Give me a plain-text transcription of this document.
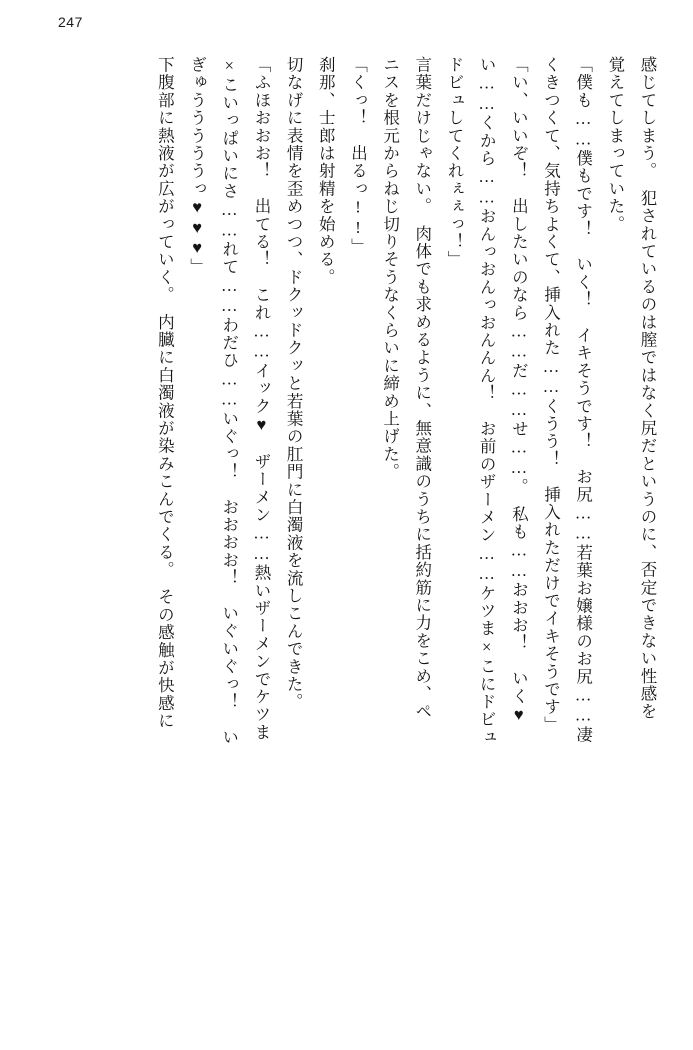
247

感じてしまう。　犯されているのは膣ではなく尻だというのに、否定できない性感を

覚えてしまっていた。

「僕も……僕もです！　いく！　イキそうです！　お尻……若葉お嬢様のお尻……凄

くきつくて、気持ちよくて、挿入れた……くうう！　挿入れただけでイキそうです」

「い、いいぞ！　出したいのなら……だ……せ……。　私も……おおお！　いく♥

い……くから……おんっおんっおんんん！　お前のザーメン……ケツま×こにドビュ

ドビュしてくれぇぇっ！」

言葉だけじゃない。　肉体でも求めるように、無意識のうちに括約筋に力をこめ、ペ

ニスを根元からねじ切りそうなくらいに締め上げた。

「くっ！　出るっ!!」

刹那、士郎は射精を始める。

切なげに表情を歪めつつ、ドクッドクッと若葉の肛門に白濁液を流しこんできた。

「ふほおおお！　出てる！　これ……イック♥　ザーメン……熱いザーメンでケツま

×こいっぱいにさ……れて……わだひ……いぐっ！　おおおお！　いぐいぐっ！　い

ぎゅうううううっ♥♥♥」

下腹部に熱液が広がっていく。　内臓に白濁液が染みこんでくる。　その感触が快感に
